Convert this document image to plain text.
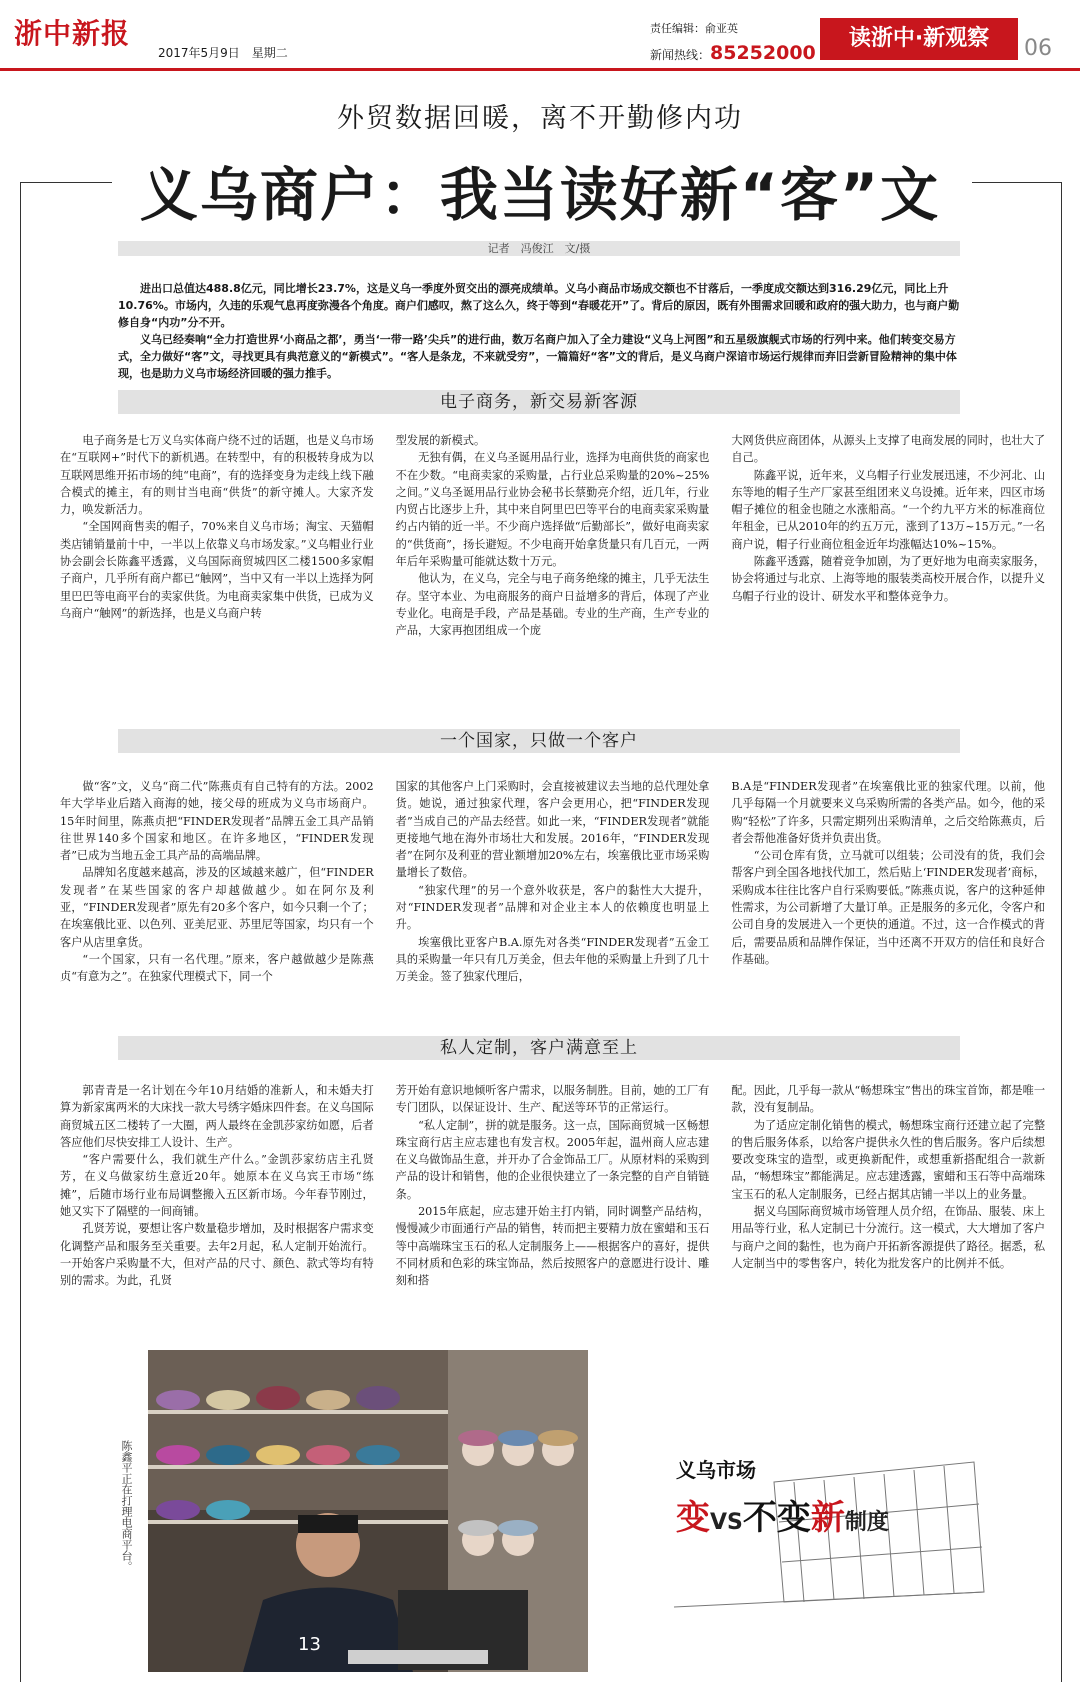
浙中新报
2017年5月9日　星期二
责任编辑：俞亚英
新闻热线：85252000
读浙中·新观察	06
外贸数据回暖，离不开勤修内功
义乌商户：我当读好新“客”文
记者　冯俊江　文/摄

进出口总值达488.8亿元，同比增长23.7%，这是义乌一季度外贸交出的漂亮成绩单。义乌小商品市场成交额也不甘落后，一季度成交额达到316.29亿元，同比上升10.76%。市场内，久违的乐观气息再度弥漫各个角度。商户们感叹，熬了这么久，终于等到“春暖花开”了。背后的原因，既有外围需求回暖和政府的强大助力，也与商户勤修自身“内功”分不开。

义乌已经奏响“全力打造世界‘小商品之都’，勇当‘一带一路’尖兵”的进行曲，数万名商户加入了全力建设“义乌上河图”和五星级旗舰式市场的行列中来。他们转变交易方式，全力做好“客”文，寻找更具有典范意义的“新模式”。“客人是条龙，不来就受穷”，一篇篇好“客”文的背后，是义乌商户深谙市场运行规律而弃旧尝新冒险精神的集中体现，也是助力义乌市场经济回暖的强力推手。

电子商务，新交易新客源

电子商务是七万义乌实体商户绕不过的话题，也是义乌市场在“互联网+”时代下的新机遇。在转型中，有的积极转身成为以互联网思维开拓市场的纯“电商”，有的选择变身为走线上线下融合模式的摊主，有的则甘当电商“供货”的新守摊人。大家齐发力，唤发新活力。

“全国网商售卖的帽子，70%来自义乌市场；淘宝、天猫帽类店铺销量前十中，一半以上依靠义乌市场发家。”义乌帽业行业协会副会长陈鑫平透露，义乌国际商贸城四区二楼1500多家帽子商户，几乎所有商户都已“触网”，当中又有一半以上选择为阿里巴巴等电商平台的卖家供货。为电商卖家集中供货，已成为义乌商户“触网”的新选择，也是义乌商户转

型发展的新模式。

无独有偶，在义乌圣诞用品行业，选择为电商供货的商家也不在少数。“电商卖家的采购量，占行业总采购量的20%~25%之间。”义乌圣诞用品行业协会秘书长蔡勤亮介绍，近几年，行业内贸占比逐步上升，其中来自阿里巴巴等平台的电商卖家采购量约占内销的近一半。不少商户选择做“后勤部长”，做好电商卖家的“供货商”，扬长避短。不少电商开始拿货量只有几百元，一两年后年采购量可能就达数十万元。

他认为，在义乌，完全与电子商务绝缘的摊主，几乎无法生存。坚守本业、为电商服务的商户日益增多的背后，体现了产业专业化。电商是手段，产品是基础。专业的生产商，生产专业的产品，大家再抱团组成一个庞

大网货供应商团体，从源头上支撑了电商发展的同时，也壮大了自己。

陈鑫平说，近年来，义乌帽子行业发展迅速，不少河北、山东等地的帽子生产厂家甚至组团来义乌设摊。近年来，四区市场帽子摊位的租金也随之水涨船高。“一个约九平方米的标准商位年租金，已从2010年的约五万元，涨到了13万~15万元。”一名商户说，帽子行业商位租金近年均涨幅达10%~15%。

陈鑫平透露，随着竞争加剧，为了更好地为电商卖家服务，协会将通过与北京、上海等地的服装类高校开展合作，以提升义乌帽子行业的设计、研发水平和整体竞争力。

一个国家，只做一个客户

做“客”文，义乌“商二代”陈燕贞有自己特有的方法。2002年大学毕业后踏入商海的她，接父母的班成为义乌市场商户。15年时间里，陈燕贞把“FINDER发现者”品牌五金工具产品销往世界140多个国家和地区。在许多地区，“FINDER发现者”已成为当地五金工具产品的高端品牌。

品牌知名度越来越高，涉及的区域越来越广，但“FINDER发现者”在某些国家的客户却越做越少。如在阿尔及利亚，“FINDER发现者”原先有20多个客户，如今只剩一个了；在埃塞俄比亚、以色列、亚美尼亚、苏里尼等国家，均只有一个客户从店里拿货。

“一个国家，只有一名代理。”原来，客户越做越少是陈燕贞“有意为之”。在独家代理模式下，同一个

国家的其他客户上门采购时，会直接被建议去当地的总代理处拿货。她说，通过独家代理，客户会更用心，把“FINDER发现者”当成自己的产品去经营。如此一来，“FINDER发现者”就能更接地气地在海外市场壮大和发展。2016年，“FINDER发现者”在阿尔及利亚的营业额增加20%左右，埃塞俄比亚市场采购量增长了数倍。

“独家代理”的另一个意外收获是，客户的黏性大大提升，对“FINDER发现者”品牌和对企业主本人的依赖度也明显上升。

埃塞俄比亚客户B.A.原先对各类“FINDER发现者”五金工具的采购量一年只有几万美金，但去年他的采购量上升到了几十万美金。签了独家代理后，

B.A是“FINDER发现者”在埃塞俄比亚的独家代理。以前，他几乎每隔一个月就要来义乌采购所需的各类产品。如今，他的采购“轻松”了许多，只需定期列出采购清单，之后交给陈燕贞，后者会帮他准备好货并负责出货。

“公司仓库有货，立马就可以组装；公司没有的货，我们会帮客户到全国各地找代加工，然后贴上‘FINDER发现者’商标，采购成本往往比客户自行采购要低。”陈燕贞说，客户的这种延伸性需求，为公司新增了大量订单。正是服务的多元化，令客户和公司自身的发展进入一个更快的通道。不过，这一合作模式的背后，需要品质和品牌作保证，当中还离不开双方的信任和良好合作基础。

私人定制，客户满意至上

郭青青是一名计划在今年10月结婚的准新人，和未婚夫打算为新家寓两米的大床找一款大号绣字婚床四件套。在义乌国际商贸城五区二楼转了一大圈，两人最终在金凯莎家纺如愿，后者答应他们尽快安排工人设计、生产。

“客户需要什么，我们就生产什么。”金凯莎家纺店主孔贤芳，在义乌做家纺生意近20年。她原本在义乌宾王市场“练摊”，后随市场行业布局调整搬入五区新市场。今年春节刚过，她又实下了隔壁的一间商铺。

孔贤芳说，要想让客户数量稳步增加，及时根据客户需求变化调整产品和服务至关重要。去年2月起，私人定制开始流行。一开始客户采购量不大，但对产品的尺寸、颜色、款式等均有特别的需求。为此，孔贤

芳开始有意识地倾听客户需求，以服务制胜。目前，她的工厂有专门团队，以保证设计、生产、配送等环节的正常运行。

“私人定制”，拼的就是服务。这一点，国际商贸城一区畅想珠宝商行店主应志建也有发言权。2005年起，温州商人应志建在义乌做饰品生意，并开办了合金饰品工厂。从原材料的采购到产品的设计和销售，他的企业很快建立了一条完整的自产自销链条。

2015年底起，应志建开始主打内销，同时调整产品结构，慢慢减少市面通行产品的销售，转而把主要精力放在蜜蜡和玉石等中高端珠宝玉石的私人定制服务上——根据客户的喜好，提供不同材质和色彩的珠宝饰品，然后按照客户的意愿进行设计、雕刻和搭

配。因此，几乎每一款从“畅想珠宝”售出的珠宝首饰，都是唯一款，没有复制品。

为了适应定制化销售的模式，畅想珠宝商行还建立起了完整的售后服务体系，以给客户提供永久性的售后服务。客户后续想要改变珠宝的造型，或更换新配件，或想重新搭配组合一款新品，“畅想珠宝”都能满足。应志建透露，蜜蜡和玉石等中高端珠宝玉石的私人定制服务，已经占据其店铺一半以上的业务量。

据义乌国际商贸城市场管理人员介绍，在饰品、服装、床上用品等行业，私人定制已十分流行。这一模式，大大增加了客户与商户之间的黏性，也为商户开拓新客源提供了路径。据悉，私人定制当中的零售客户，转化为批发客户的比例并不低。

陈鑫平正在打理电商平台。
13
义乌市场
变VS不变新制度
